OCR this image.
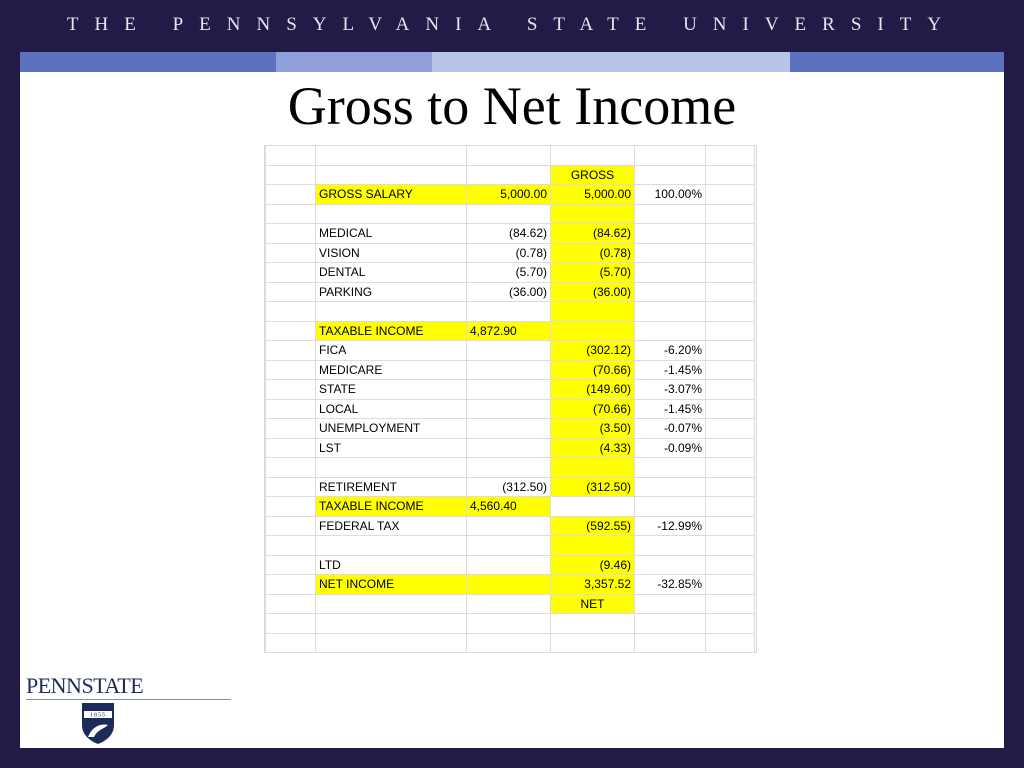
THE PENNSYLVANIA STATE UNIVERSITY
Gross to Net Income

			GROSS		
	GROSS SALARY	5,000.00	5,000.00	100.00%	

	MEDICAL	(84.62)	(84.62)		
	VISION	(0.78)	(0.78)		
	DENTAL	(5.70)	(5.70)		
	PARKING	(36.00)	(36.00)		

	TAXABLE INCOME	4,872.90			
	FICA		(302.12)	-6.20%	
	MEDICARE		(70.66)	-1.45%	
	STATE		(149.60)	-3.07%	
	LOCAL		(70.66)	-1.45%	
	UNEMPLOYMENT		(3.50)	-0.07%	
	LST		(4.33)	-0.09%	

	RETIREMENT	(312.50)	(312.50)		
	TAXABLE INCOME	4,560.40			
	FEDERAL TAX		(592.55)	-12.99%	

	LTD		(9.46)		
	NET INCOME		3,357.52	-32.85%	
			NET		

PENNSTATE
1855
